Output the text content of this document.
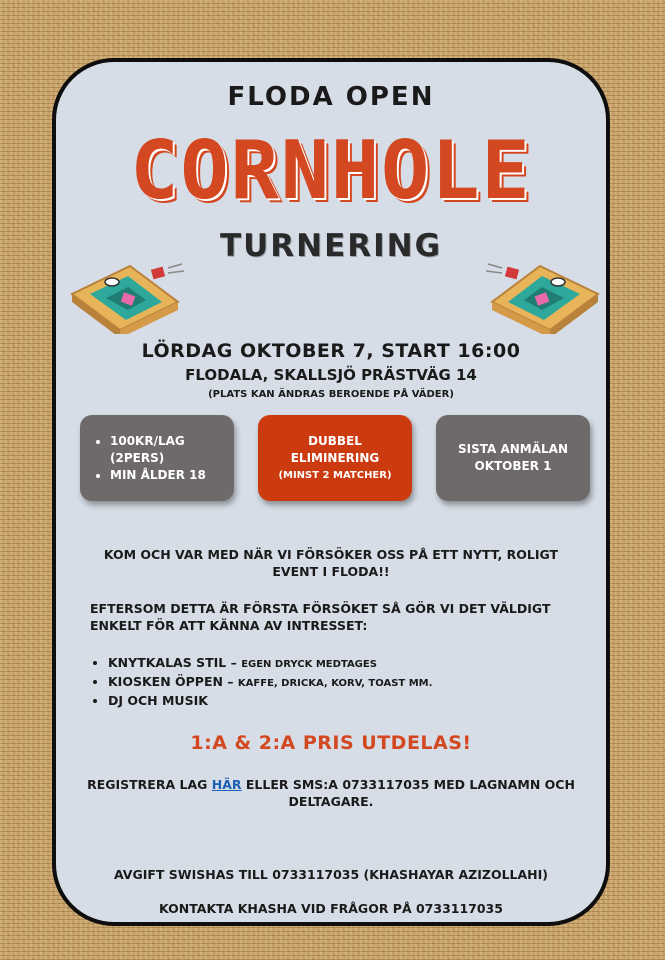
FLODA OPEN
CORNHOLE
TURNERING
LÖRDAG OKTOBER 7, START 16:00
FLODALA, SKALLSJÖ PRÄSTVÄG 14
(PLATS KAN ÄNDRAS BEROENDE PÅ VÄDER)
• 100KR/LAG
(2PERS)
• MIN ÅLDER 18
DUBBEL
ELIMINERING
(MINST 2 MATCHER)
SISTA ANMÄLAN
OKTOBER 1
KOM OCH VAR MED NÄR VI FÖRSÖKER OSS PÅ ETT NYTT, ROLIGT
EVENT I FLODA!!
EFTERSOM DETTA ÄR FÖRSTA FÖRSÖKET SÅ GÖR VI DET VÄLDIGT
ENKELT FÖR ATT KÄNNA AV INTRESSET:
• KNYTKALAS STIL – EGEN DRYCK MEDTAGES
• KIOSKEN ÖPPEN – KAFFE, DRICKA, KORV, TOAST MM.
• DJ OCH MUSIK
1:A & 2:A PRIS UTDELAS!
REGISTRERA LAG HÄR ELLER SMS:A 0733117035 MED LAGNAMN OCH
DELTAGARE.
AVGIFT SWISHAS TILL 0733117035 (KHASHAYAR AZIZOLLAHI)
KONTAKTA KHASHA VID FRÅGOR PÅ 0733117035
